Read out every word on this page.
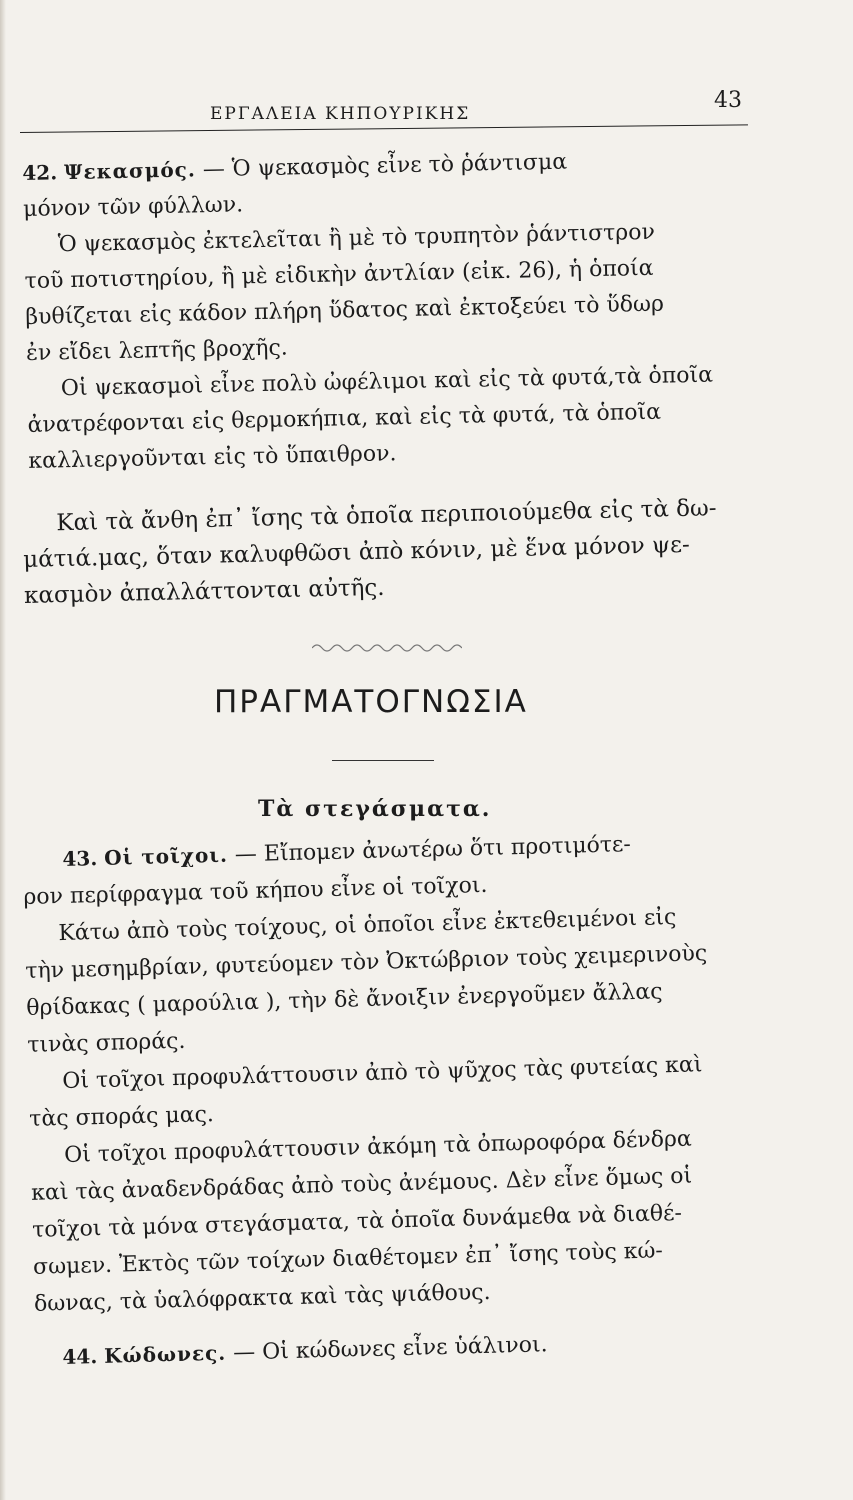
ΕΡΓΑΛΕΙΑ ΚΗΠΟΥΡΙΚΗΣ
43
42. Ψεκασμός. — Ὁ ψεκασμὸς εἶνε τὸ ῥάντισμα
μόνον τῶν φύλλων.
Ὁ ψεκασμὸς ἐκτελεῖται ἢ μὲ τὸ τρυπητὸν ῥάντιστρον
τοῦ ποτιστηρίου, ἢ μὲ εἰδικὴν ἀντλίαν (εἰκ. 26), ἡ ὁποία
βυθίζεται εἰς κάδον πλήρη ὕδατος καὶ ἐκτοξεύει τὸ ὕδωρ
ἐν εἴδει λεπτῆς βροχῆς.
Οἱ ψεκασμοὶ εἶνε πολὺ ὠφέλιμοι καὶ εἰς τὰ φυτά,τὰ ὁποῖα
ἀνατρέφονται εἰς θερμοκήπια, καὶ εἰς τὰ φυτά, τὰ ὁποῖα
καλλιεργοῦνται εἰς τὸ ὕπαιθρον.
Καὶ τὰ ἄνθη ἐπ᾽ ἴσης τὰ ὁποῖα περιποιούμεθα εἰς τὰ δω-
μάτιά.μας, ὅταν καλυφθῶσι ἀπὸ κόνιν, μὲ ἕνα μόνον ψε-
κασμὸν ἀπαλλάττονται αὐτῆς.
ΠΡΑΓΜΑΤΟΓΝΩΣΙΑ
Τὰ στεγάσματα.
43. Οἱ τοῖχοι. — Εἴπομεν ἀνωτέρω ὅτι προτιμότε-
ρον περίφραγμα τοῦ κήπου εἶνε οἱ τοῖχοι.
Κάτω ἀπὸ τοὺς τοίχους, οἱ ὁποῖοι εἶνε ἐκτεθειμένοι εἰς
τὴν μεσημβρίαν, φυτεύομεν τὸν Ὀκτώβριον τοὺς χειμερινοὺς
θρίδακας ( μαρούλια ), τὴν δὲ ἄνοιξιν ἐνεργοῦμεν ἄλλας
τινὰς σποράς.
Οἱ τοῖχοι προφυλάττουσιν ἀπὸ τὸ ψῦχος τὰς φυτείας καὶ
τὰς σποράς μας.
Οἱ τοῖχοι προφυλάττουσιν ἀκόμη τὰ ὀπωροφόρα δένδρα
καὶ τὰς ἀναδενδράδας ἀπὸ τοὺς ἀνέμους. Δὲν εἶνε ὅμως οἱ
τοῖχοι τὰ μόνα στεγάσματα, τὰ ὁποῖα δυνάμεθα νὰ διαθέ-
σωμεν. Ἐκτὸς τῶν τοίχων διαθέτομεν ἐπ᾽ ἴσης τοὺς κώ-
δωνας, τὰ ὑαλόφρακτα καὶ τὰς ψιάθους.
44. Κώδωνες. — Οἱ κώδωνες εἶνε ὑάλινοι.
